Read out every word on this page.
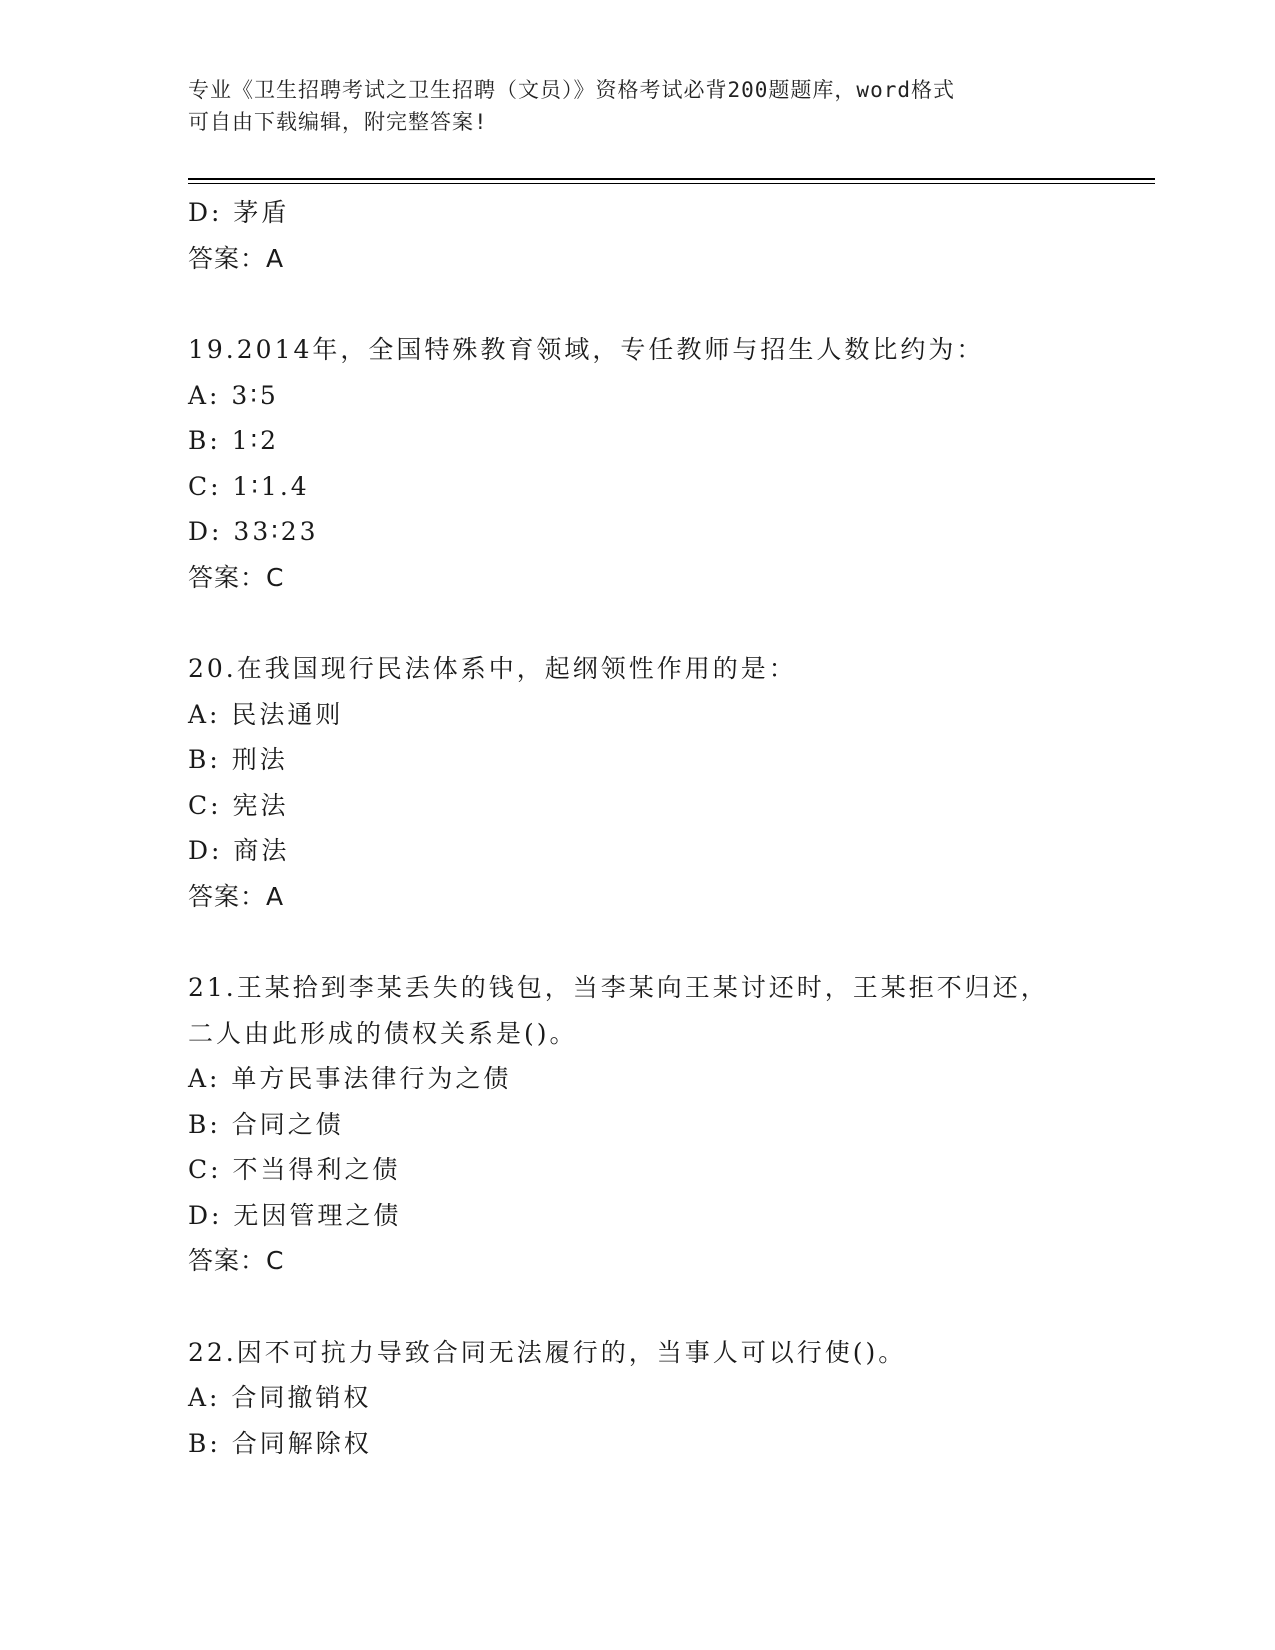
专业《卫生招聘考试之卫生招聘（文员）》资格考试必背200题题库，word格式
可自由下载编辑，附完整答案!
D: 茅盾
答案：A
19.2014年，全国特殊教育领域，专任教师与招生人数比约为：
A: 3∶5
B: 1∶2
C: 1∶1.4
D: 33∶23
答案：C
20.在我国现行民法体系中，起纲领性作用的是：
A: 民法通则
B: 刑法
C: 宪法
D: 商法
答案：A
21.王某拾到李某丢失的钱包，当李某向王某讨还时，王某拒不归还，
二人由此形成的债权关系是()。
A: 单方民事法律行为之债
B: 合同之债
C: 不当得利之债
D: 无因管理之债
答案：C
22.因不可抗力导致合同无法履行的，当事人可以行使()。
A: 合同撤销权
B: 合同解除权
